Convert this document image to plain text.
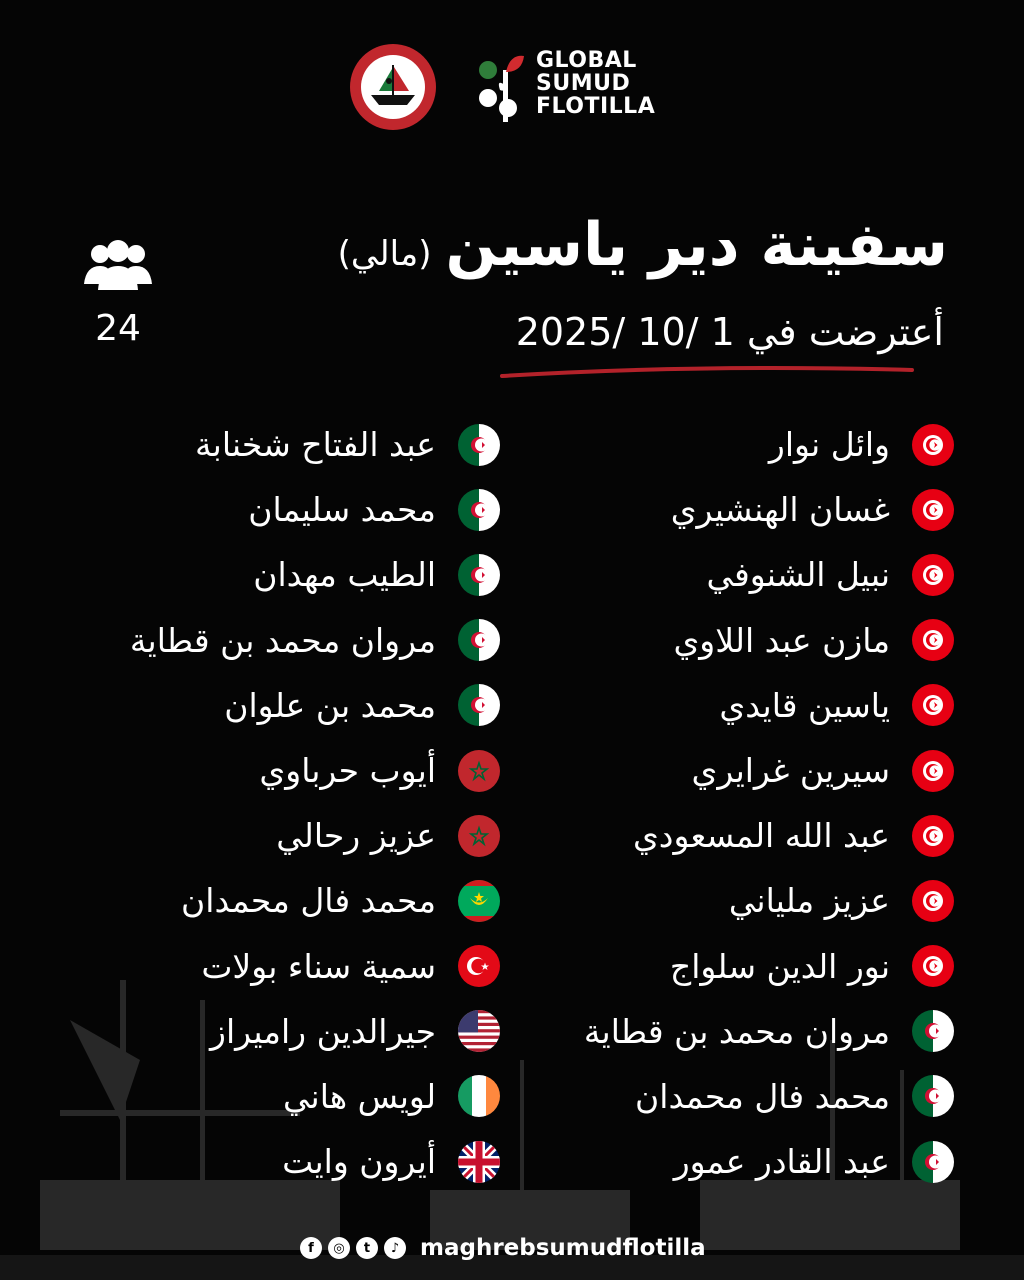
GLOBAL
SUMUD
FLOTILLA
سفينة دير ياسين(مالي)
أعترضت في 1 /10 /2025
24
وائل نوار
غسان الهنشيري
نبيل الشنوفي
مازن عبد اللاوي
ياسين قايدي
سيرين غرايري
عبد الله المسعودي
عزيز ملياني
نور الدين سلواج
مروان محمد بن قطاية
محمد فال محمدان
عبد القادر عمور
عبد الفتاح شخنابة
محمد سليمان
الطيب مهدان
مروان محمد بن قطاية
محمد بن علوان
أيوب حرباوي
عزيز رحالي
محمد فال محمدان
سمية سناء بولات
جيرالدين راميراز
لويس هاني
أيرون وايت
f	◎	t	♪ maghrebsumudflotilla
